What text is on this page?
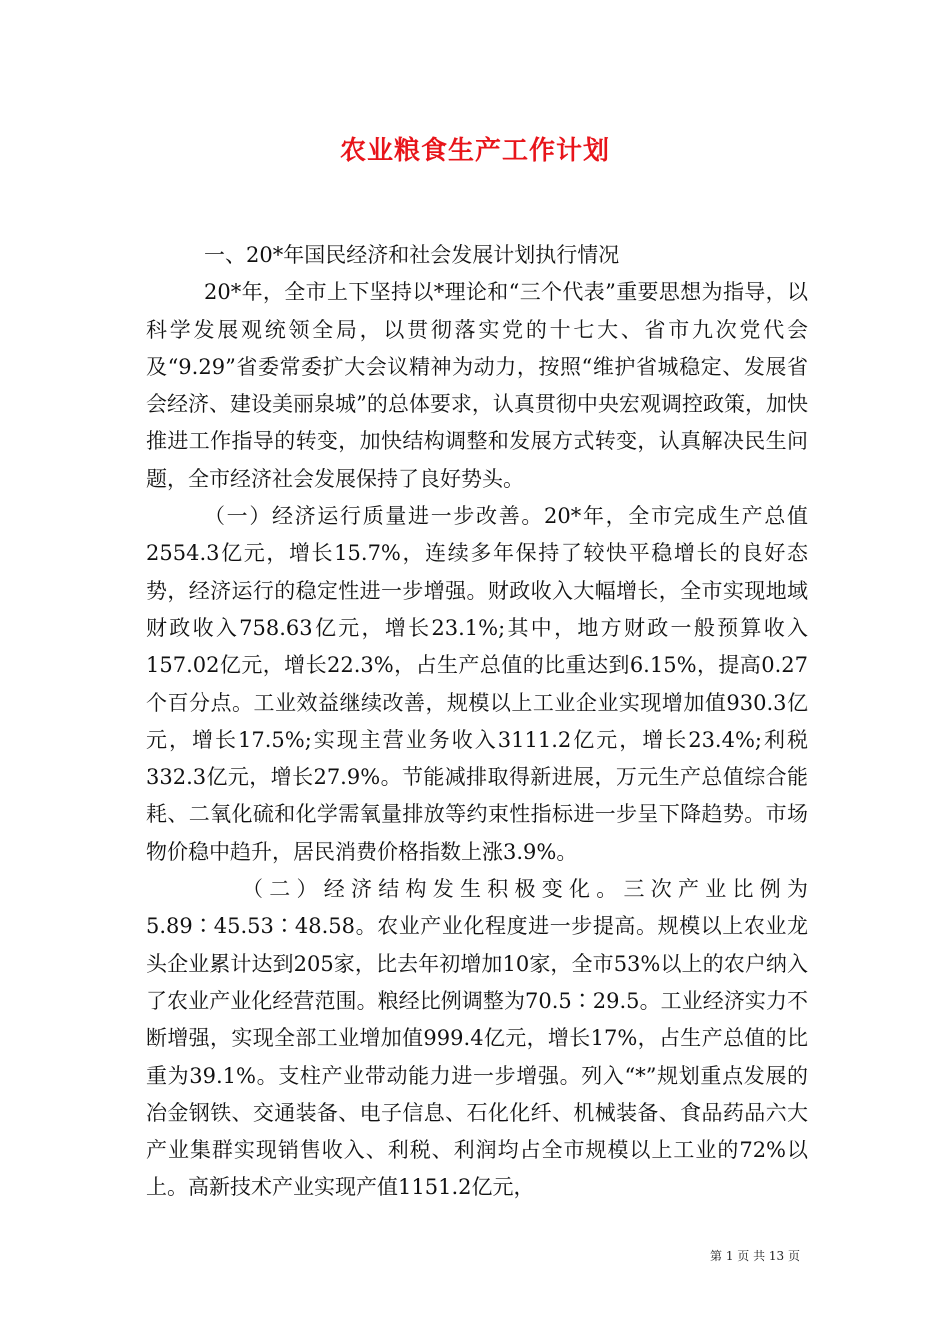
农业粮食生产工作计划

一、20*年国民经济和社会发展计划执行情况

20*年，全市上下坚持以*理论和“三个代表”重要思想为指导，以科学发展观统领全局，以贯彻落实党的十七大、省市九次党代会及“9.29”省委常委扩大会议精神为动力，按照“维护省城稳定、发展省会经济、建设美丽泉城”的总体要求，认真贯彻中央宏观调控政策，加快推进工作指导的转变，加快结构调整和发展方式转变，认真解决民生问题，全市经济社会发展保持了良好势头。

（一）经济运行质量进一步改善。20*年，全市完成生产总值2554.3亿元，增长15.7%，连续多年保持了较快平稳增长的良好态势，经济运行的稳定性进一步增强。财政收入大幅增长，全市实现地域财政收入758.63亿元，增长23.1%;其中，地方财政一般预算收入157.02亿元，增长22.3%，占生产总值的比重达到6.15%，提高0.27个百分点。工业效益继续改善，规模以上工业企业实现增加值930.3亿元，增长17.5%;实现主营业务收入3111.2亿元，增长23.4%;利税332.3亿元，增长27.9%。节能减排取得新进展，万元生产总值综合能耗、二氧化硫和化学需氧量排放等约束性指标进一步呈下降趋势。市场物价稳中趋升，居民消费价格指数上涨3.9%。

（二）经济结构发生积极变化。三次产业比例为5.89∶45.53∶48.58。农业产业化程度进一步提高。规模以上农业龙头企业累计达到205家，比去年初增加10家，全市53%以上的农户纳入了农业产业化经营范围。粮经比例调整为70.5∶29.5。工业经济实力不断增强，实现全部工业增加值999.4亿元，增长17%，占生产总值的比重为39.1%。支柱产业带动能力进一步增强。列入“*”规划重点发展的冶金钢铁、交通装备、电子信息、石化化纤、机械装备、食品药品六大产业集群实现销售收入、利税、利润均占全市规模以上工业的72%以上。高新技术产业实现产值1151.2亿元，

第 1 页 共 13 页
